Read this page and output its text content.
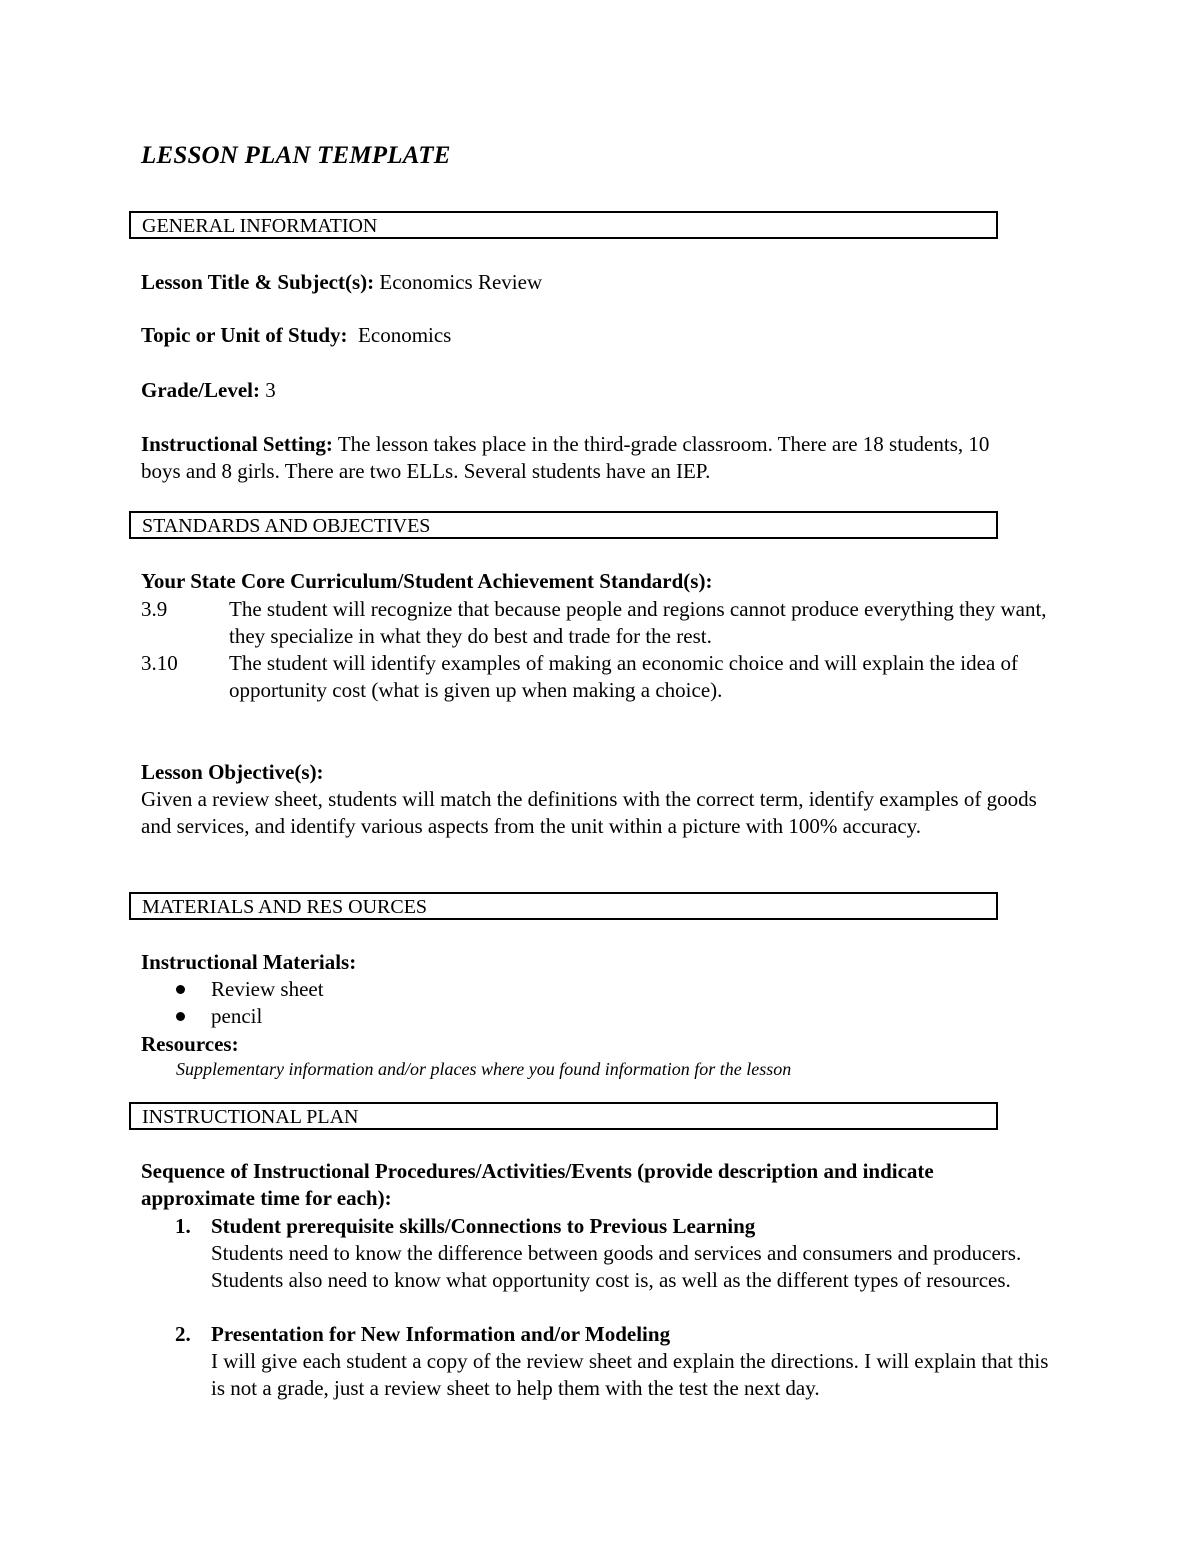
LESSON PLAN TEMPLATE
GENERAL INFORMATION
Lesson Title & Subject(s): Economics Review
Topic or Unit of Study: Economics
Grade/Level: 3
Instructional Setting: The lesson takes place in the third-grade classroom. There are 18 students, 10 boys and 8 girls. There are two ELLs. Several students have an IEP.
STANDARDS AND OBJECTIVES
Your State Core Curriculum/Student Achievement Standard(s):
3.9	The student will recognize that because people and regions cannot produce everything they want, they specialize in what they do best and trade for the rest.
3.10 The student will identify examples of making an economic choice and will explain the idea of opportunity cost (what is given up when making a choice).
Lesson Objective(s):
Given a review sheet, students will match the definitions with the correct term, identify examples of goods and services, and identify various aspects from the unit within a picture with 100% accuracy.
MATERIALS AND RES OURCES
Instructional Materials:
Review sheet
pencil
Resources:
Supplementary information and/or places where you found information for the lesson
INSTRUCTIONAL PLAN
Sequence of Instructional Procedures/Activities/Events (provide description and indicate approximate time for each):
1. Student prerequisite skills/Connections to Previous Learning
Students need to know the difference between goods and services and consumers and producers. Students also need to know what opportunity cost is, as well as the different types of resources.
2. Presentation for New Information and/or Modeling
I will give each student a copy of the review sheet and explain the directions. I will explain that this is not a grade, just a review sheet to help them with the test the next day.
